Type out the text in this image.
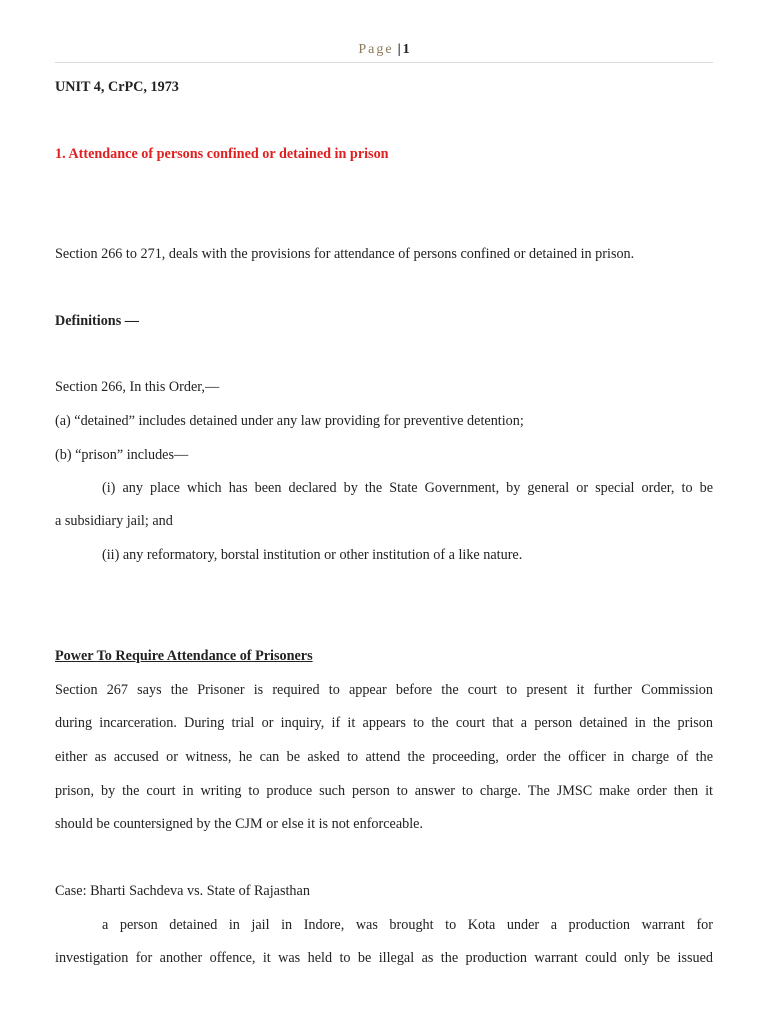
Page |1
UNIT 4, CrPC, 1973
1. Attendance of persons confined or detained in prison
Section 266 to 271, deals with the provisions for attendance of persons confined or detained in prison.
Definitions —
Section 266, In this Order,—
(a) “detained” includes detained under any law providing for preventive detention;
(b) “prison” includes—
(i) any place which has been declared by the State Government, by general or special order, to be
a subsidiary jail; and
(ii) any reformatory, borstal institution or other institution of a like nature.
Power To Require Attendance of Prisoners
Section 267 says the Prisoner is required to appear before the court to present it further Commission
during incarceration. During trial or inquiry, if it appears to the court that a person detained in the prison
either as accused or witness, he can be asked to attend the proceeding, order the officer in charge of the
prison, by the court in writing to produce such person to answer to charge. The JMSC make order then it
should be countersigned by the CJM or else it is not enforceable.
Case: Bharti Sachdeva vs. State of Rajasthan
a person detained in jail in Indore, was brought to Kota under a production warrant for
investigation for another offence, it was held to be illegal as the production warrant could only be issued
